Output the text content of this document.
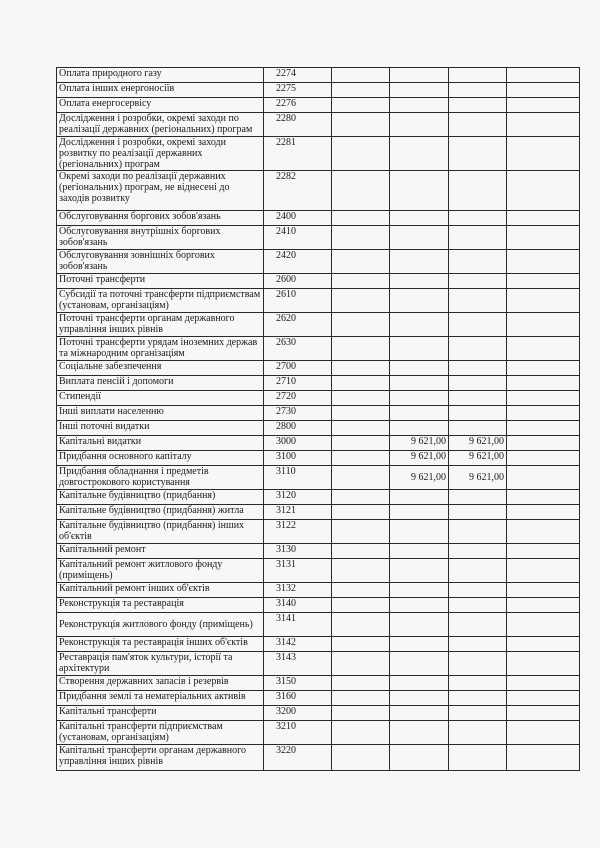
Оплата природного газу	2274				
Оплата інших енергоносіїв	2275				
Оплата енергосервісу	2276				
Дослідження і розробки, окремі заходи по реалізації державних (регіональних) програм	2280				
Дослідження і розробки, окремі заходи розвитку по реалізації державних (регіональних) програм	2281				
Окремі заходи по реалізації державних (регіональних) програм, не віднесені до заходів розвитку	2282				
Обслуговування боргових зобов'язань	2400				
Обслуговування внутрішніх боргових зобов'язань	2410				
Обслуговування зовнішніх боргових зобов'язань	2420				
Поточні трансферти	2600				
Субсидії та поточні трансферти підприємствам (установам, організаціям)	2610				
Поточні трансферти органам державного управління інших рівнів	2620				
Поточні трансферти урядам іноземних держав та міжнародним організаціям	2630				
Соціальне забезпечення	2700				
Виплата пенсій і допомоги	2710				
Стипендії	2720				
Інші виплати населенню	2730				
Інші поточні видатки	2800				
Капітальні видатки	3000		9 621,00	9 621,00	
Придбання основного капіталу	3100		9 621,00	9 621,00	
Придбання обладнання і предметів довгострокового користування	3110		9 621,00	9 621,00	
Капітальне будівництво (придбання)	3120				
Капітальне будівництво (придбання) житла	3121				
Капітальне будівництво (придбання) інших об'єктів	3122				
Капітальний ремонт	3130				
Капітальний ремонт житлового фонду (приміщень)	3131				
Капітальний ремонт інших об'єктів	3132				
Реконструкція та реставрація	3140				
Реконструкція житлового фонду (приміщень)	3141				
Реконструкція та реставрація інших об'єктів	3142				
Реставрація пам'яток культури, історії та архітектури	3143				
Створення державних запасів і резервів	3150				
Придбання землі та нематеріальних активів	3160				
Капітальні трансферти	3200				
Капітальні трансферти підприємствам (установам, організаціям)	3210				
Капітальні трансферти органам державного управління інших рівнів	3220				
